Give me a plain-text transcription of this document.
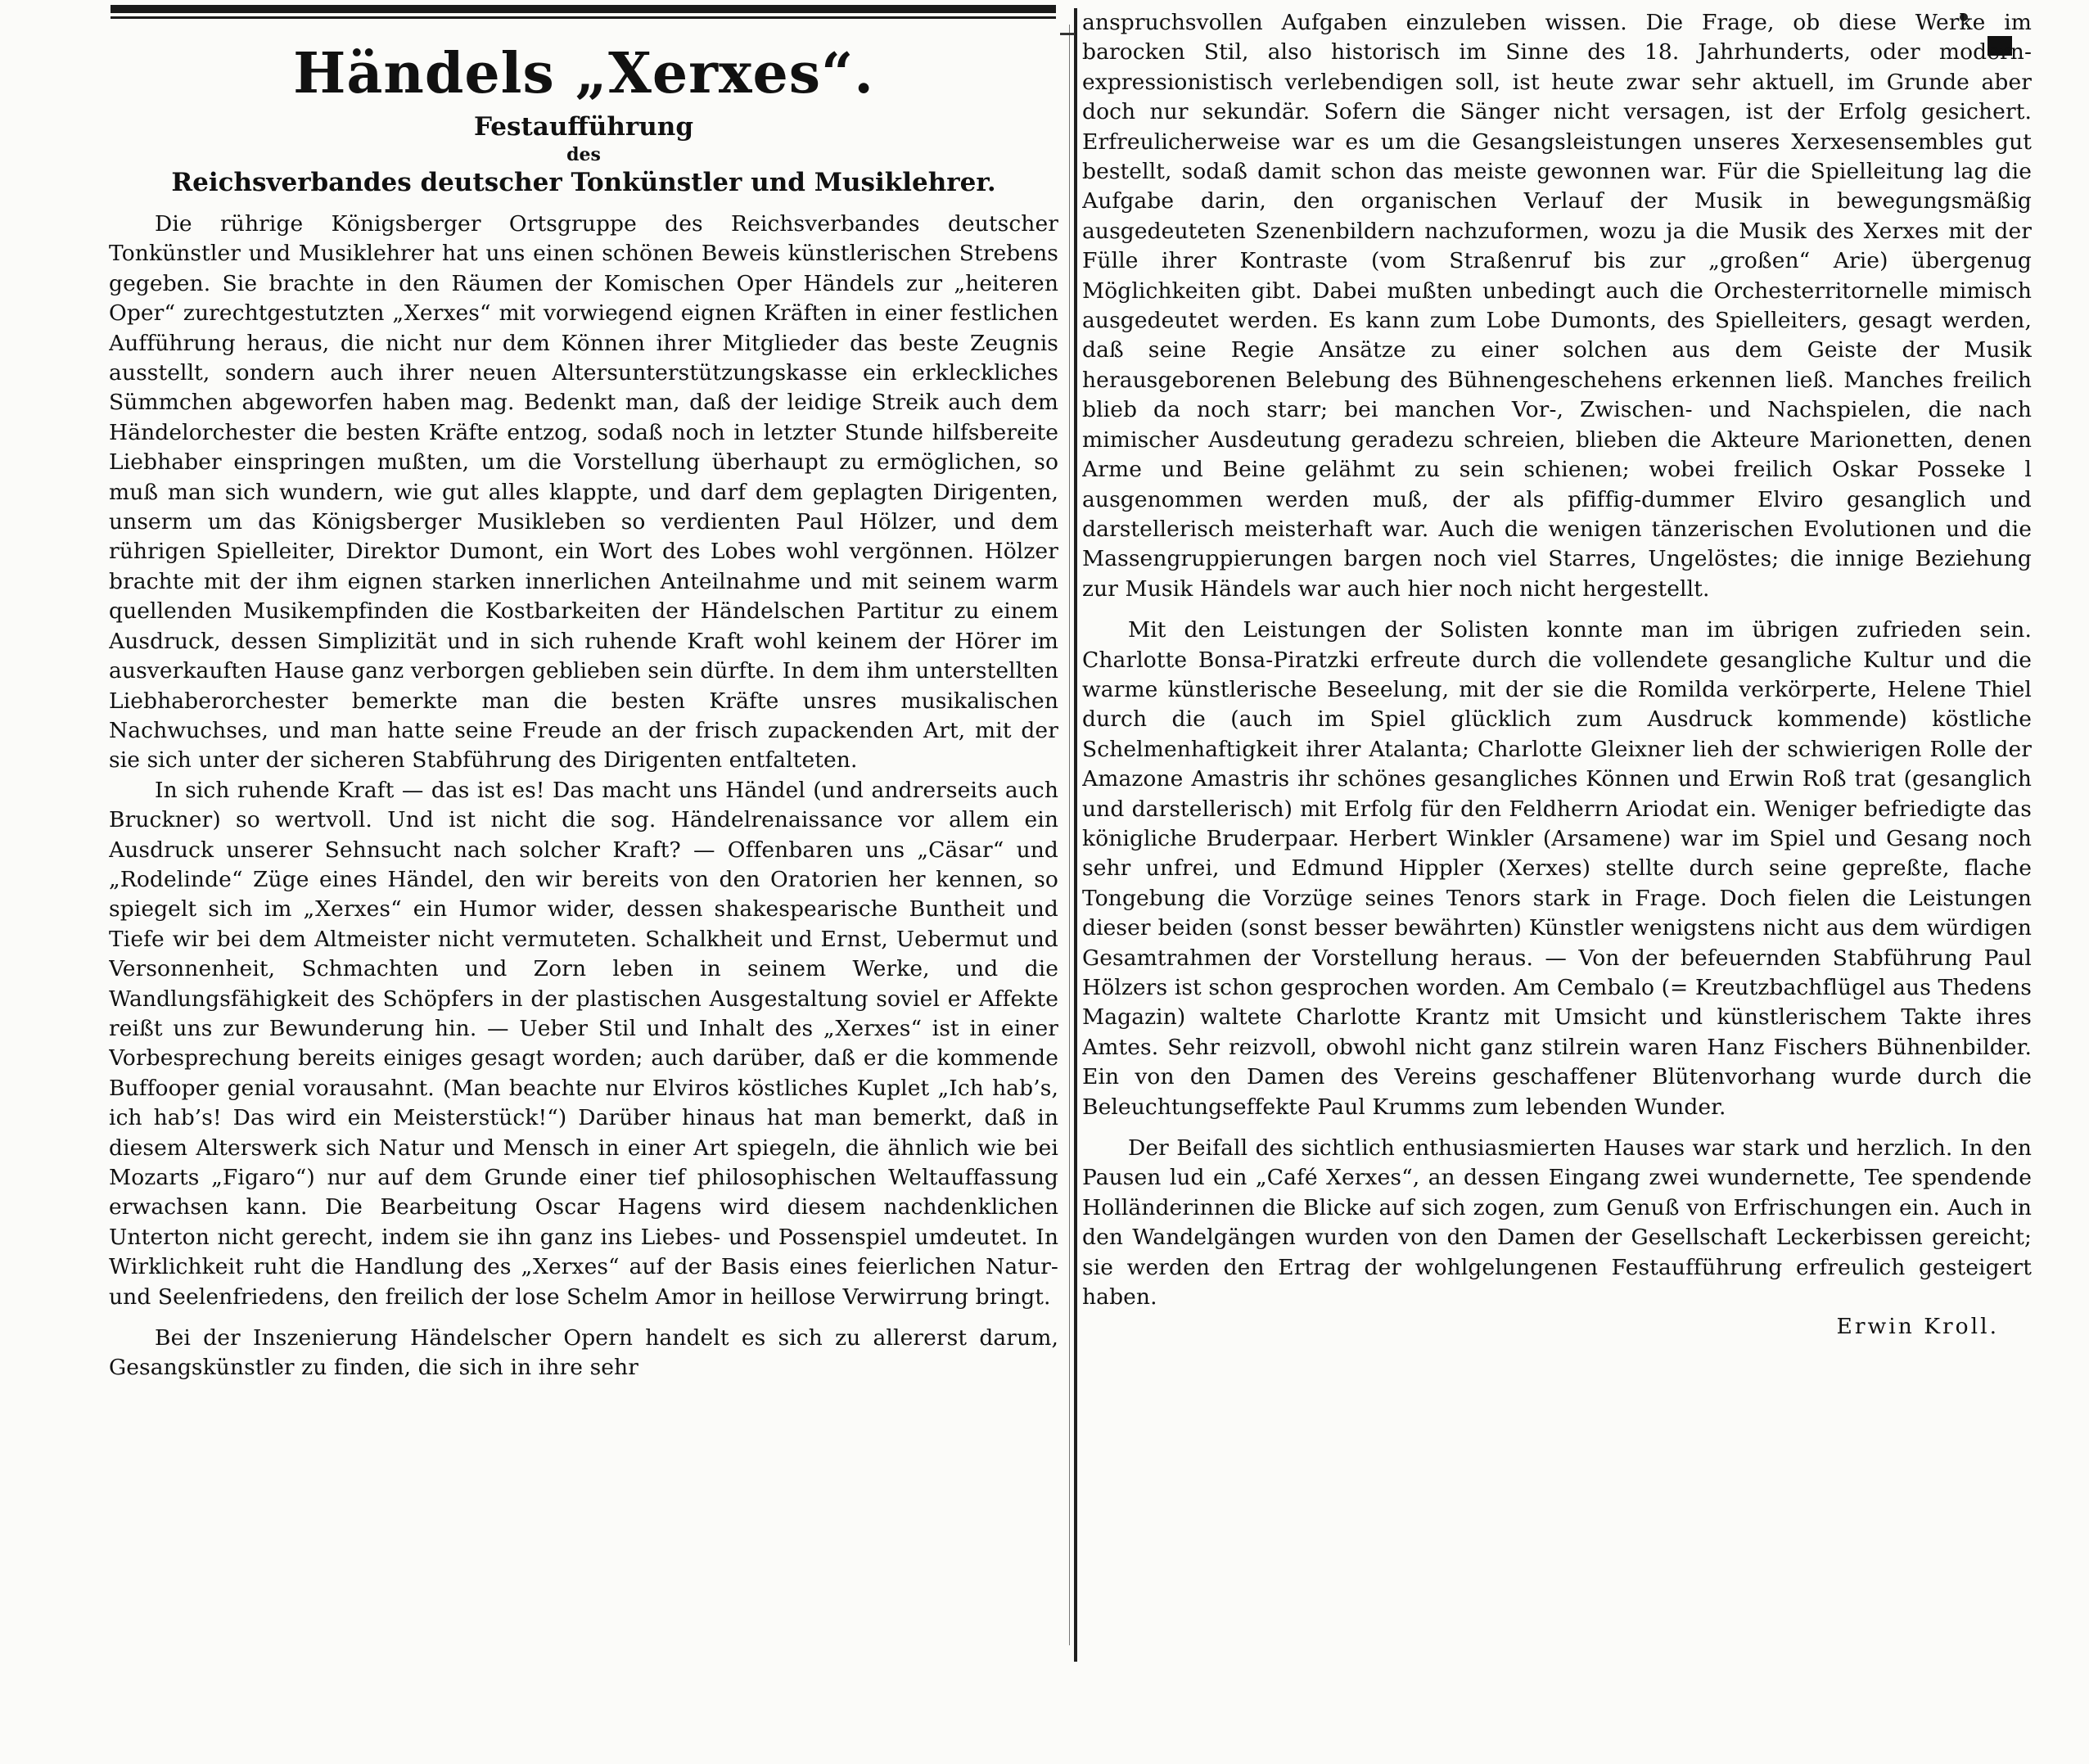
Händels „Xerxes“.
Festaufführung
des
Reichsverbandes deutscher Tonkünstler und Musiklehrer.

Die rührige Königsberger Ortsgruppe des Reichsverbandes deutscher Tonkünstler und Musiklehrer hat uns einen schönen Beweis künstlerischen Strebens gegeben. Sie brachte in den Räumen der Komischen Oper Händels zur „heiteren Oper“ zurechtgestutzten „Xerxes“ mit vorwiegend eignen Kräften in einer festlichen Aufführung heraus, die nicht nur dem Können ihrer Mitglieder das beste Zeugnis ausstellt, sondern auch ihrer neuen Altersunterstützungskasse ein erkleckliches Sümmchen abgeworfen haben mag. Bedenkt man, daß der leidige Streik auch dem Händelorchester die besten Kräfte entzog, sodaß noch in letzter Stunde hilfsbereite Liebhaber einspringen mußten, um die Vorstellung überhaupt zu ermöglichen, so muß man sich wundern, wie gut alles klappte, und darf dem geplagten Dirigenten, unserm um das Königsberger Musikleben so verdienten Paul Hölzer, und dem rührigen Spielleiter, Direktor Dumont, ein Wort des Lobes wohl vergönnen. Hölzer brachte mit der ihm eignen starken innerlichen Anteilnahme und mit seinem warm quellenden Musikempfinden die Kostbarkeiten der Händelschen Partitur zu einem Ausdruck, dessen Simplizität und in sich ruhende Kraft wohl keinem der Hörer im ausverkauften Hause ganz verborgen geblieben sein dürfte. In dem ihm unterstellten Liebhaberorchester bemerkte man die besten Kräfte unsres musikalischen Nachwuchses, und man hatte seine Freude an der frisch zupackenden Art, mit der sie sich unter der sicheren Stabführung des Dirigenten entfalteten.

In sich ruhende Kraft — das ist es! Das macht uns Händel (und andrerseits auch Bruckner) so wertvoll. Und ist nicht die sog. Händelrenaissance vor allem ein Ausdruck unserer Sehnsucht nach solcher Kraft? — Offenbaren uns „Cäsar“ und „Rodelinde“ Züge eines Händel, den wir bereits von den Oratorien her kennen, so spiegelt sich im „Xerxes“ ein Humor wider, dessen shakespearische Buntheit und Tiefe wir bei dem Altmeister nicht vermuteten. Schalkheit und Ernst, Uebermut und Versonnenheit, Schmachten und Zorn leben in seinem Werke, und die Wandlungsfähigkeit des Schöpfers in der plastischen Ausgestaltung soviel er Affekte reißt uns zur Bewunderung hin. — Ueber Stil und Inhalt des „Xerxes“ ist in einer Vorbesprechung bereits einiges gesagt worden; auch darüber, daß er die kommende Buffooper genial vorausahnt. (Man beachte nur Elviros köstliches Kuplet „Ich hab’s, ich hab’s! Das wird ein Meisterstück!“) Darüber hinaus hat man bemerkt, daß in diesem Alterswerk sich Natur und Mensch in einer Art spiegeln, die ähnlich wie bei Mozarts „Figaro“) nur auf dem Grunde einer tief philosophischen Weltauffassung erwachsen kann. Die Bearbeitung Oscar Hagens wird diesem nachdenklichen Unterton nicht gerecht, indem sie ihn ganz ins Liebes- und Possenspiel umdeutet. In Wirklichkeit ruht die Handlung des „Xerxes“ auf der Basis eines feierlichen Natur- und Seelenfriedens, den freilich der lose Schelm Amor in heillose Verwirrung bringt.

Bei der Inszenierung Händelscher Opern handelt es sich zu allererst darum, Gesangskünstler zu finden, die sich in ihre sehr

anspruchsvollen Aufgaben einzuleben wissen. Die Frage, ob diese Werke im barocken Stil, also historisch im Sinne des 18. Jahrhunderts, oder modern-expressionistisch verlebendigen soll, ist heute zwar sehr aktuell, im Grunde aber doch nur sekundär. Sofern die Sänger nicht versagen, ist der Erfolg gesichert. Erfreulicherweise war es um die Gesangsleistungen unseres Xerxesensembles gut bestellt, sodaß damit schon das meiste gewonnen war. Für die Spielleitung lag die Aufgabe darin, den organischen Verlauf der Musik in bewegungsmäßig ausgedeuteten Szenenbildern nachzuformen, wozu ja die Musik des Xerxes mit der Fülle ihrer Kontraste (vom Straßenruf bis zur „großen“ Arie) übergenug Möglichkeiten gibt. Dabei mußten unbedingt auch die Orchesterritornelle mimisch ausgedeutet werden. Es kann zum Lobe Dumonts, des Spielleiters, gesagt werden, daß seine Regie Ansätze zu einer solchen aus dem Geiste der Musik herausgeborenen Belebung des Bühnengeschehens erkennen ließ. Manches freilich blieb da noch starr; bei manchen Vor-, Zwischen- und Nachspielen, die nach mimischer Ausdeutung geradezu schreien, blieben die Akteure Marionetten, denen Arme und Beine gelähmt zu sein schienen; wobei freilich Oskar Posseke l ausgenommen werden muß, der als pfiffig-dummer Elviro gesanglich und darstellerisch meisterhaft war. Auch die wenigen tänzerischen Evolutionen und die Massengruppierungen bargen noch viel Starres, Ungelöstes; die innige Beziehung zur Musik Händels war auch hier noch nicht hergestellt.

Mit den Leistungen der Solisten konnte man im übrigen zufrieden sein. Charlotte Bonsa-Piratzki erfreute durch die vollendete gesangliche Kultur und die warme künstlerische Beseelung, mit der sie die Romilda verkörperte, Helene Thiel durch die (auch im Spiel glücklich zum Ausdruck kommende) köstliche Schelmenhaftigkeit ihrer Atalanta; Charlotte Gleixner lieh der schwierigen Rolle der Amazone Amastris ihr schönes gesangliches Können und Erwin Roß trat (gesanglich und darstellerisch) mit Erfolg für den Feldherrn Ariodat ein. Weniger befriedigte das königliche Bruderpaar. Herbert Winkler (Arsamene) war im Spiel und Gesang noch sehr unfrei, und Edmund Hippler (Xerxes) stellte durch seine gepreßte, flache Tongebung die Vorzüge seines Tenors stark in Frage. Doch fielen die Leistungen dieser beiden (sonst besser bewährten) Künstler wenigstens nicht aus dem würdigen Gesamtrahmen der Vorstellung heraus. — Von der befeuernden Stabführung Paul Hölzers ist schon gesprochen worden. Am Cembalo (= Kreutzbachflügel aus Thedens Magazin) waltete Charlotte Krantz mit Umsicht und künstlerischem Takte ihres Amtes. Sehr reizvoll, obwohl nicht ganz stilrein waren Hanz Fischers Bühnenbilder. Ein von den Damen des Vereins geschaffener Blütenvorhang wurde durch die Beleuchtungseffekte Paul Krumms zum lebenden Wunder.

Der Beifall des sichtlich enthusiasmierten Hauses war stark und herzlich. In den Pausen lud ein „Café Xerxes“, an dessen Eingang zwei wundernette, Tee spendende Holländerinnen die Blicke auf sich zogen, zum Genuß von Erfrischungen ein. Auch in den Wandelgängen wurden von den Damen der Gesellschaft Leckerbissen gereicht; sie werden den Ertrag der wohlgelungenen Festaufführung erfreulich gesteigert haben.

Erwin Kroll.
